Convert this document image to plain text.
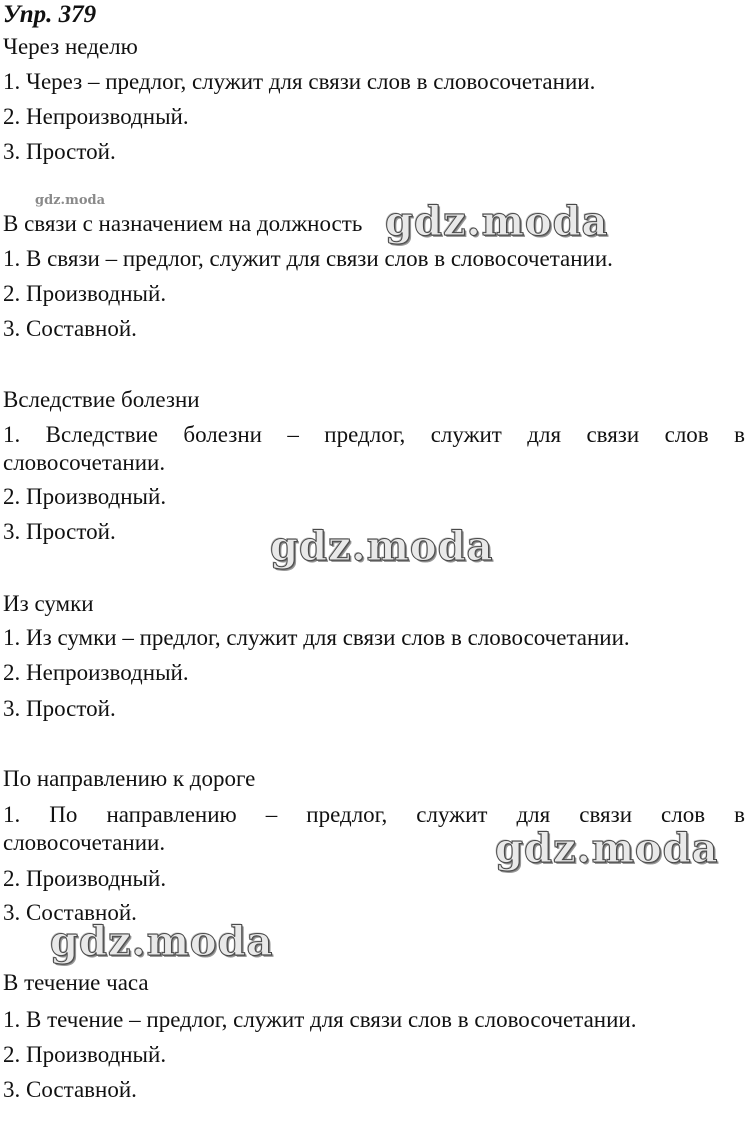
Упр. 379
Через неделю
1. Через – предлог, служит для связи слов в словосочетании.
2. Непроизводный.
3. Простой.
В связи с назначением на должность
1. В связи – предлог, служит для связи слов в словосочетании.
2. Производный.
3. Составной.
Вследствие болезни
1. Вследствие болезни – предлог, служит для связи слов в
словосочетании.
2. Производный.
3. Простой.
Из сумки
1. Из сумки – предлог, служит для связи слов в словосочетании.
2. Непроизводный.
3. Простой.
По направлению к дороге
1. По направлению – предлог, служит для связи слов в
словосочетании.
2. Производный.
3. Составной.
В течение часа
1. В течение – предлог, служит для связи слов в словосочетании.
2. Производный.
3. Составной.
gdz.moda	gdz.moda
gdz.moda
gdz.moda
gdz.moda
